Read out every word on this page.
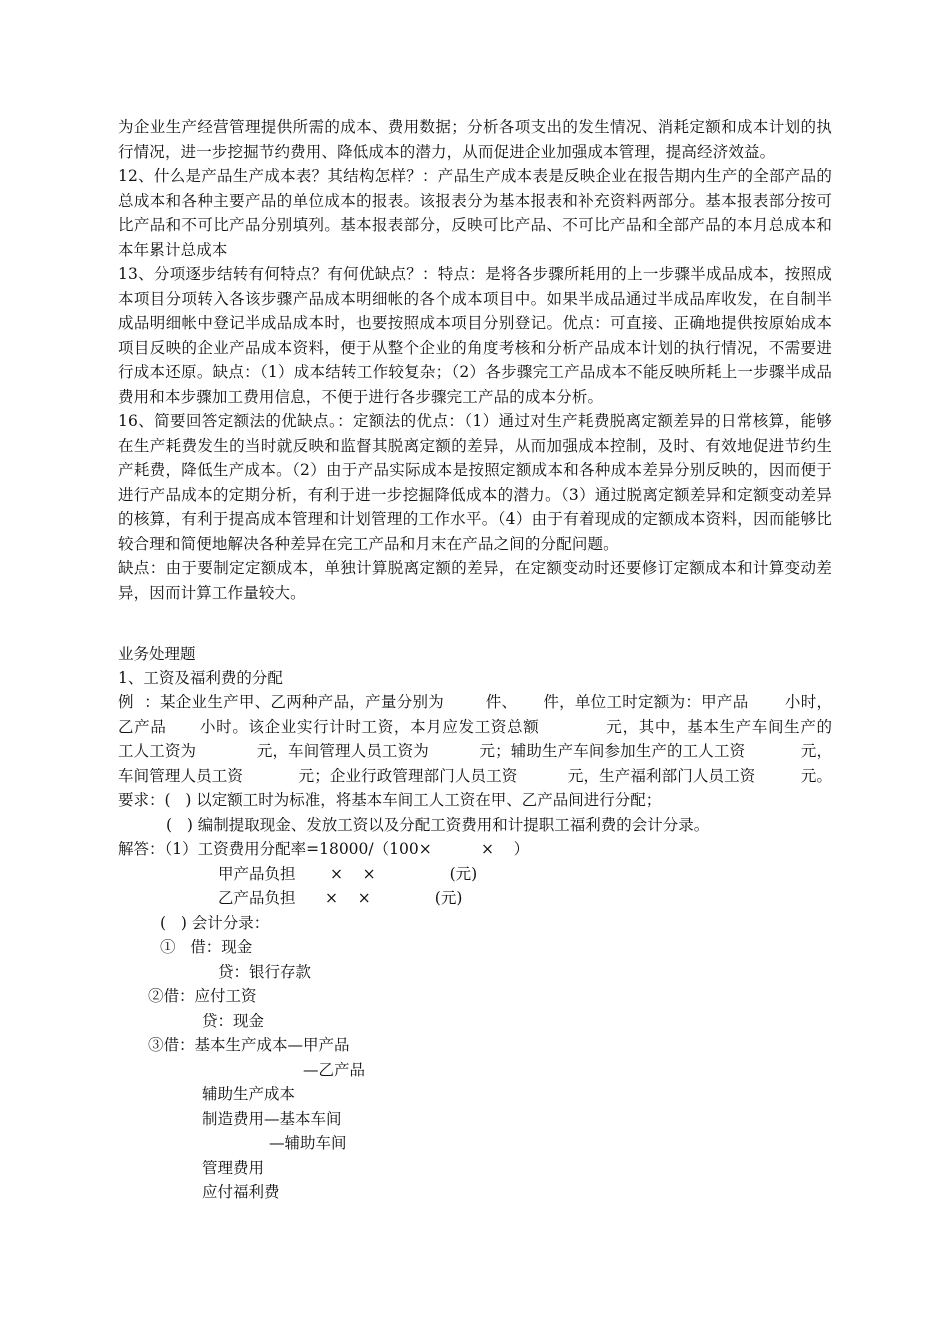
为企业生产经营管理提供所需的成本、费用数据；分析各项支出的发生情况、消耗定额和成本计划的执行情况，进一步挖掘节约费用、降低成本的潜力，从而促进企业加强成本管理，提高经济效益。

12、什么是产品生产成本表？其结构怎样？：产品生产成本表是反映企业在报告期内生产的全部产品的总成本和各种主要产品的单位成本的报表。该报表分为基本报表和补充资料两部分。基本报表部分按可比产品和不可比产品分别填列。基本报表部分，反映可比产品、不可比产品和全部产品的本月总成本和本年累计总成本

13、分项逐步结转有何特点？有何优缺点？：特点：是将各步骤所耗用的上一步骤半成品成本，按照成本项目分项转入各该步骤产品成本明细帐的各个成本项目中。如果半成品通过半成品库收发，在自制半成品明细帐中登记半成品成本时，也要按照成本项目分别登记。优点：可直接、正确地提供按原始成本项目反映的企业产品成本资料，便于从整个企业的角度考核和分析产品成本计划的执行情况，不需要进行成本还原。缺点：（1）成本结转工作较复杂；（2）各步骤完工产品成本不能反映所耗上一步骤半成品费用和本步骤加工费用信息，不便于进行各步骤完工产品的成本分析。

16、简要回答定额法的优缺点。：定额法的优点：（1）通过对生产耗费脱离定额差异的日常核算，能够在生产耗费发生的当时就反映和监督其脱离定额的差异，从而加强成本控制，及时、有效地促进节约生产耗费，降低生产成本。（2）由于产品实际成本是按照定额成本和各种成本差异分别反映的，因而便于进行产品成本的定期分析，有利于进一步挖掘降低成本的潜力。（3）通过脱离定额差异和定额变动差异的核算，有利于提高成本管理和计划管理的工作水平。（4）由于有着现成的定额成本资料，因而能够比较合理和简便地解决各种差异在完工产品和月末在产品之间的分配问题。

缺点：由于要制定定额成本，单独计算脱离定额的差异，在定额变动时还要修订定额成本和计算变动差异，因而计算工作量较大。

业务处理题

1、工资及福利费的分配

例  ：某企业生产甲、乙两种产品，产量分别为        件、     件，单位工时定额为：甲产品       小时，

乙产品      小时。该企业实行计时工资，本月应发工资总额            元，其中，基本生产车间生产的

工人工资为            元，车间管理人员工资为          元；辅助生产车间参加生产的工人工资           元，

车间管理人员工资           元；企业行政管理部门人员工资          元，生产福利部门人员工资         元。

要求：(   ) 以定额工时为标准，将基本车间工人工资在甲、乙产品间进行分配；

(   ) 编制提取现金、发放工资以及分配工资费用和计提职工福利费的会计分录。

解答：（1）工资费用分配率=18000/（100×          ×    ）

甲产品负担       ×    ×               (元)

乙产品负担      ×    ×             (元)

(   ) 会计分录：

①   借：现金

贷：银行存款

②借：应付工资

贷：现金

③借：基本生产成本—甲产品

—乙产品

辅助生产成本

制造费用—基本车间

—辅助车间

管理费用

应付福利费
